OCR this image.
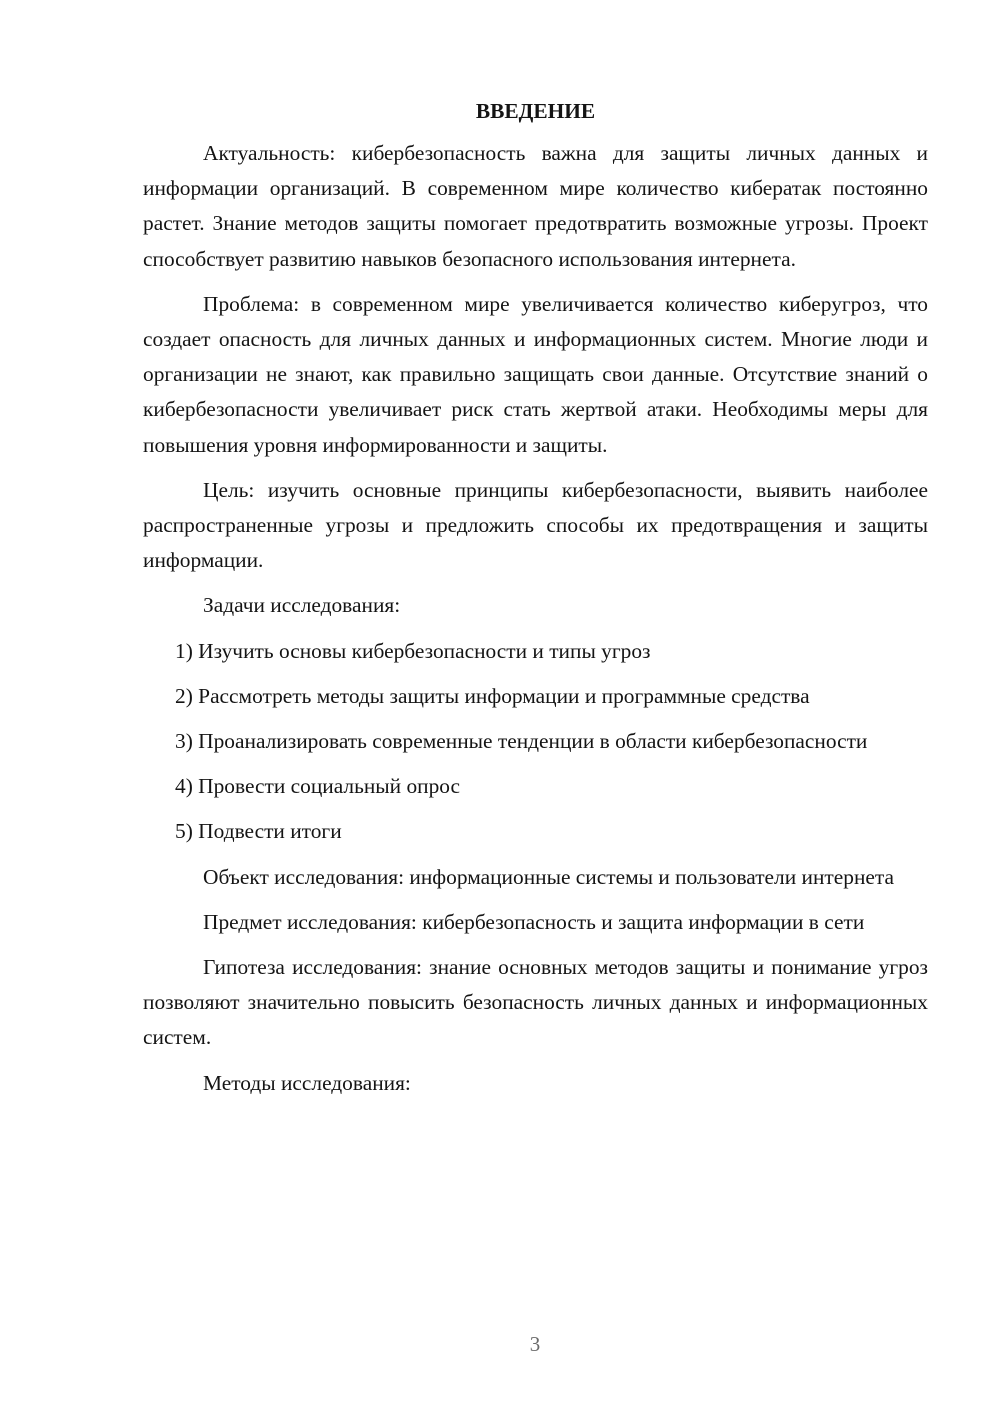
ВВЕДЕНИЕ

Актуальность: кибербезопасность важна для защиты личных данных и информации организаций. В современном мире количество кибератак постоянно растет. Знание методов защиты помогает предотвратить возможные угрозы. Проект способствует развитию навыков безопасного использования интернета.

Проблема: в современном мире увеличивается количество киберугроз, что создает опасность для личных данных и информационных систем. Многие люди и организации не знают, как правильно защищать свои данные. Отсутствие знаний о кибербезопасности увеличивает риск стать жертвой атаки. Необходимы меры для повышения уровня информированности и защиты.

Цель: изучить основные принципы кибербезопасности, выявить наиболее распространенные угрозы и предложить способы их предотвращения и защиты информации.

Задачи исследования:

1) Изучить основы кибербезопасности и типы угроз

2) Рассмотреть методы защиты информации и программные средства

3) Проанализировать современные тенденции в области кибербезопасности

4) Провести социальный опрос

5) Подвести итоги

Объект исследования: информационные системы и пользователи интернета

Предмет исследования: кибербезопасность и защита информации в сети

Гипотеза исследования: знание основных методов защиты и понимание угроз позволяют значительно повысить безопасность личных данных и информационных систем.

Методы исследования:

3
